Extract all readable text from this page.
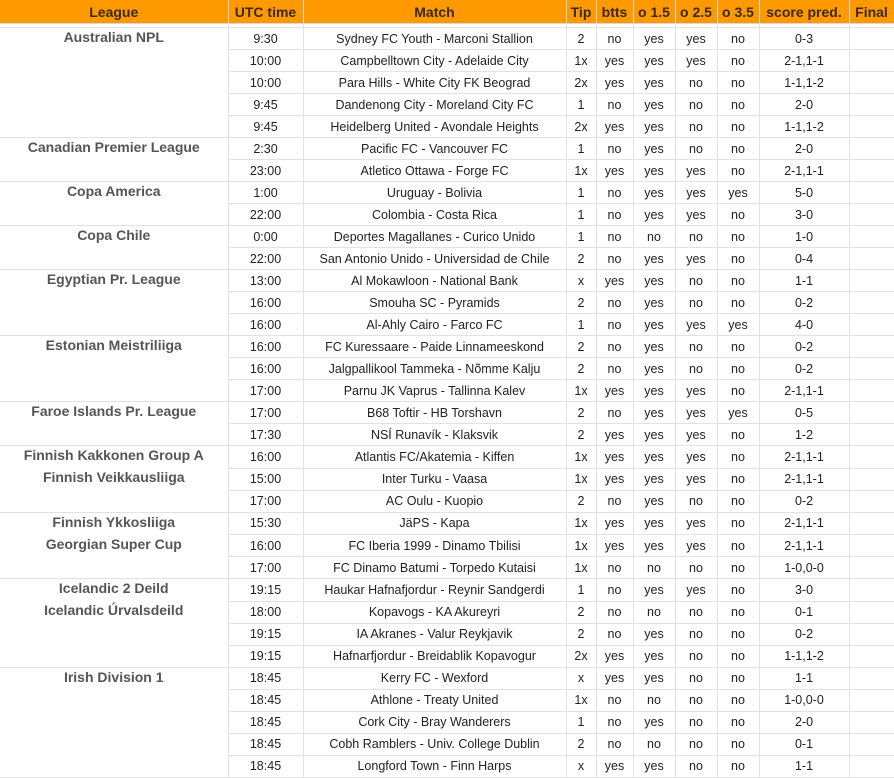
League	UTC time	Match	Tip	btts	o 1.5	o 2.5	o 3.5	score pred.	Final

Australian NPL	9:30	Sydney FC Youth - Marconi Stallion	2	no	yes	yes	no	0-3	
	10:00	Campbelltown City - Adelaide City	1x	yes	yes	yes	no	2-1,1-1	
	10:00	Para Hills - White City FK Beograd	2x	yes	yes	no	no	1-1,1-2	
	9:45	Dandenong City - Moreland City FC	1	no	yes	no	no	2-0	
	9:45	Heidelberg United - Avondale Heights	2x	yes	yes	no	no	1-1,1-2	
Canadian Premier League	2:30	Pacific FC - Vancouver FC	1	no	yes	no	no	2-0	
	23:00	Atletico Ottawa - Forge FC	1x	yes	yes	yes	no	2-1,1-1	
Copa America	1:00	Uruguay - Bolivia	1	no	yes	yes	yes	5-0	
	22:00	Colombia - Costa Rica	1	no	yes	yes	no	3-0	
Copa Chile	0:00	Deportes Magallanes - Curico Unido	1	no	no	no	no	1-0	
	22:00	San Antonio Unido - Universidad de Chile	2	no	yes	yes	no	0-4	
Egyptian Pr. League	13:00	Al Mokawloon - National Bank	x	yes	yes	no	no	1-1	
	16:00	Smouha SC - Pyramids	2	no	yes	no	no	0-2	
	16:00	Al-Ahly Cairo - Farco FC	1	no	yes	yes	yes	4-0	
Estonian Meistriliiga	16:00	FC Kuressaare - Paide Linnameeskond	2	no	yes	no	no	0-2	
	16:00	Jalgpallikool Tammeka - Nõmme Kalju	2	no	yes	no	no	0-2	
	17:00	Parnu JK Vaprus - Tallinna Kalev	1x	yes	yes	yes	no	2-1,1-1	
Faroe Islands Pr. League	17:00	B68 Toftir - HB Torshavn	2	no	yes	yes	yes	0-5	
	17:30	NSÍ Runavík - Klaksvik	2	yes	yes	yes	no	1-2	
Finnish Kakkonen Group A	16:00	Atlantis FC/Akatemia - Kiffen	1x	yes	yes	yes	no	2-1,1-1	
Finnish Veikkausliiga	15:00	Inter Turku - Vaasa	1x	yes	yes	yes	no	2-1,1-1	
	17:00	AC Oulu - Kuopio	2	no	yes	no	no	0-2	
Finnish Ykkosliiga	15:30	JäPS - Kapa	1x	yes	yes	yes	no	2-1,1-1	
Georgian Super Cup	16:00	FC Iberia 1999 - Dinamo Tbilisi	1x	yes	yes	yes	no	2-1,1-1	
	17:00	FC Dinamo Batumi - Torpedo Kutaisi	1x	no	no	no	no	1-0,0-0	
Icelandic 2 Deild	19:15	Haukar Hafnafjordur - Reynir Sandgerdi	1	no	yes	yes	no	3-0	
Icelandic Úrvalsdeild	18:00	Kopavogs - KA Akureyri	2	no	no	no	no	0-1	
	19:15	IA Akranes - Valur Reykjavik	2	no	yes	no	no	0-2	
	19:15	Hafnarfjordur - Breidablik Kopavogur	2x	yes	yes	no	no	1-1,1-2	
Irish Division 1	18:45	Kerry FC - Wexford	x	yes	yes	no	no	1-1	
	18:45	Athlone - Treaty United	1x	no	no	no	no	1-0,0-0	
	18:45	Cork City - Bray Wanderers	1	no	yes	no	no	2-0	
	18:45	Cobh Ramblers - Univ. College Dublin	2	no	no	no	no	0-1	
	18:45	Longford Town - Finn Harps	x	yes	yes	no	no	1-1	
